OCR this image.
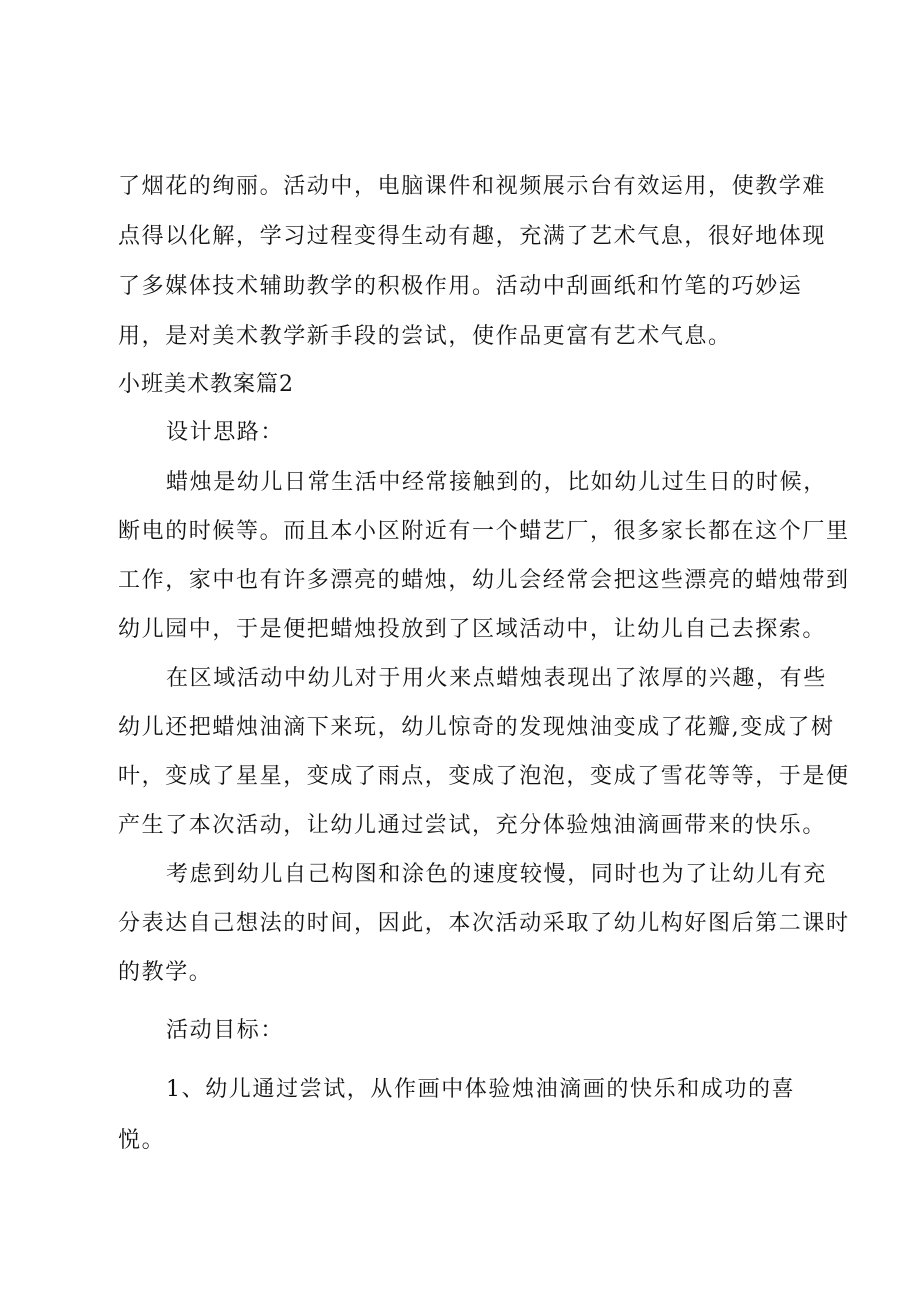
了烟花的绚丽。活动中，电脑课件和视频展示台有效运用，使教学难
点得以化解，学习过程变得生动有趣，充满了艺术气息，很好地体现
了多媒体技术辅助教学的积极作用。活动中刮画纸和竹笔的巧妙运
用，是对美术教学新手段的尝试，使作品更富有艺术气息。
小班美术教案篇2
设计思路：
蜡烛是幼儿日常生活中经常接触到的，比如幼儿过生日的时候，
断电的时候等。而且本小区附近有一个蜡艺厂，很多家长都在这个厂里
工作，家中也有许多漂亮的蜡烛，幼儿会经常会把这些漂亮的蜡烛带到
幼儿园中，于是便把蜡烛投放到了区域活动中，让幼儿自己去探索。
在区域活动中幼儿对于用火来点蜡烛表现出了浓厚的兴趣，有些
幼儿还把蜡烛油滴下来玩，幼儿惊奇的发现烛油变成了花瓣,变成了树
叶，变成了星星，变成了雨点，变成了泡泡，变成了雪花等等，于是便
产生了本次活动，让幼儿通过尝试，充分体验烛油滴画带来的快乐。
考虑到幼儿自己构图和涂色的速度较慢，同时也为了让幼儿有充
分表达自己想法的时间，因此，本次活动采取了幼儿构好图后第二课时
的教学。
活动目标：
1、幼儿通过尝试，从作画中体验烛油滴画的快乐和成功的喜
悦。
